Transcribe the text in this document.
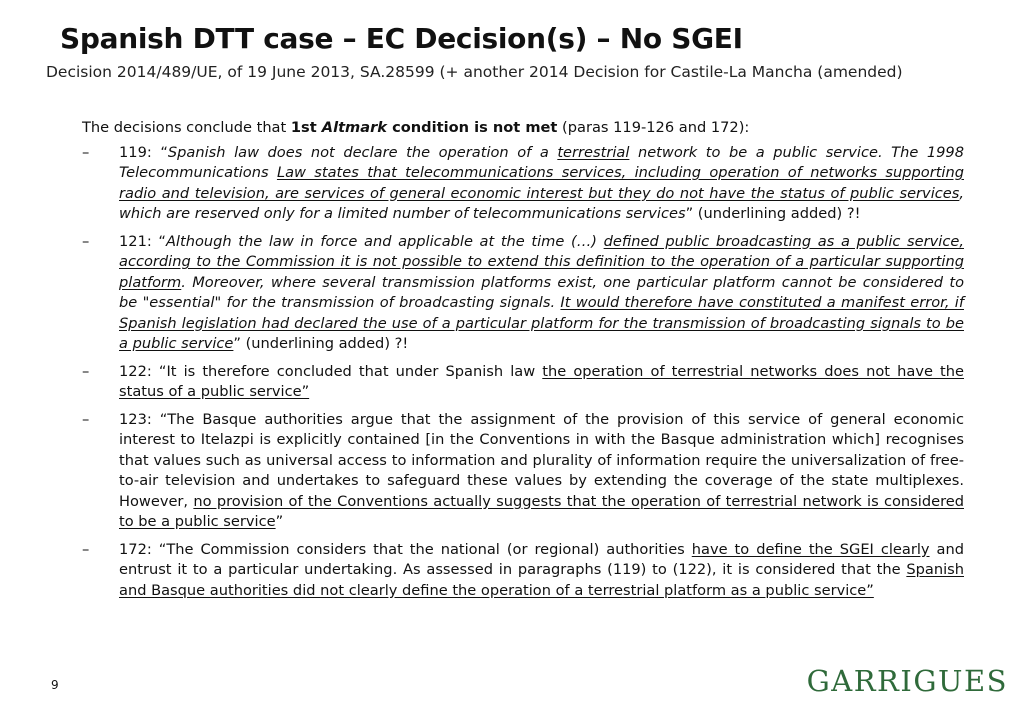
Spanish DTT case – EC Decision(s) – No SGEI

Decision 2014/489/UE, of 19 June 2013, SA.28599 (+ another 2014 Decision for Castile-La Mancha (amended)

The decisions conclude that 1st Altmark condition is not met (paras 119-126 and 172):

–	119: “Spanish law does not declare the operation of a terrestrial network to be a public service. The 1998 Telecommunications Law states that telecommunications services, including operation of networks supporting radio and television, are services of general economic interest but they do not have the status of public services, which are reserved only for a limited number of telecommunications services” (underlining added) ?!
–	121: “Although the law in force and applicable at the time (…) defined public broadcasting as a public service, according to the Commission it is not possible to extend this definition to the operation of a particular supporting platform. Moreover, where several transmission platforms exist, one particular platform cannot be considered to be "essential" for the transmission of broadcasting signals. It would therefore have constituted a manifest error, if Spanish legislation had declared the use of a particular platform for the transmission of broadcasting signals to be a public service” (underlining added) ?!
–	122: “It is therefore concluded that under Spanish law the operation of terrestrial networks does not have the status of a public service”
–	123: “The Basque authorities argue that the assignment of the provision of this service of general economic interest to Itelazpi is explicitly contained [in the Conventions in with the Basque administration which] recognises that values such as universal access to information and plurality of information require the universalization of free-to-air television and undertakes to safeguard these values by extending the coverage of the state multiplexes. However, no provision of the Conventions actually suggests that the operation of terrestrial network is considered to be a public service”
–	172: “The Commission considers that the national (or regional) authorities have to define the SGEI clearly and entrust it to a particular undertaking. As assessed in paragraphs (119) to (122), it is considered that the Spanish and Basque authorities did not clearly define the operation of a terrestrial platform as a public service”

9	GARRIGUES
